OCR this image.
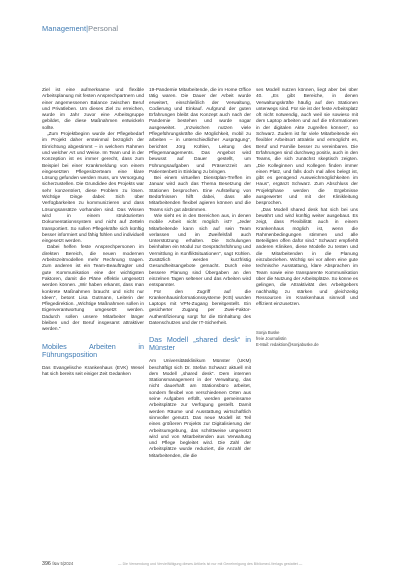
Management|Personal

Ziel ist eine aufmerksame und flexible Arbeitsplanung mit festen Ansprechpartnern und einer angemessenen Balance zwischen Beruf und Privatleben. Um dieses Ziel zu erreichen, wurde im Jahr zuvor eine Arbeitsgruppe gebildet, die diese Maßnahmen entwickeln sollte.

„Zum Projektbeginn wurde der Pflegebedarf im Projekt daher ersteinmal bezüglich der Einrichtung abgestimmt – in welchem Rahmen und welcher Art und Weise. Im Team und in der Konzeption ist es immer gerecht, dass zum Beispiel bei einer Krankmeldung von einem eingesetzten Pflegesitzerteam eine klare Lösung gefunden werden muss, um Versorgung sicherzustellen. Die Grundidee des Projekts war sehr konzentriert, diese Problem zu lösen. Wichtige Dinge dabei: Sich über Verfügbarkeiten zu kommunizieren und dass Lösungsansätze vorhanden sind. Das Wissen wird in einem strukturierten Dokumentationssystem und nicht auf Zetteln transportiert. So sollen Pflegekräfte sich künftig besser informiert und fähig fühlen und individuell eingesetzt werden.

Dabei helfen feste Ansprechpersonen im direkten Bereich, die neuen modernen Arbeitszeitmodellen mehr Rechnung tragen. Zum anderen ist ein Team-Beauftragter und gute Kommunikation eine der wichtigsten Faktoren, damit die Pläne effektiv umgesetzt werden können. „Wir haben erkannt, dass man konkrete Maßnahmen braucht und nicht nur Ideen“, betont Lisa Gutmann, Leiterin der Pflegedirektion. „Wichtige Maßnahmen sollen in Eigenverantwortung umgesetzt werden. Dadurch sollen unsere Mitarbeiter länger bleiben und der Beruf insgesamt attraktiver werden.“

Mobiles Arbeiten in Führungsposition

Das Evangelische Krankenhaus (EVK) Wesel hat sich bereits seit einiger Zeit Gedanken

19-Pandemie Mitarbeitende, die im Home Office tätig waren. Die Dauer der Arbeit wurde erweitert, einschließlich der Verwaltung, Codierung und Einkauf. Aufgrund der guten Erfahrungen bleibt das Konzept auch nach der Pandemie bestehen und wurde sogar ausgeweitet. „Inzwischen nutzen viele Pflegeführungskräfte die Möglichkeit, mobil zu arbeiten – in unterschiedlicher Ausprägung“, berichtet Jörg Kühlen, Leitung des Pflegemanagements. Das Angebot wird bewusst auf Dauer gestellt, um Führungsaufgaben und Präsenzzeit am Patientenbett in Einklang zu bringen.

Bei einem virtuellen Dienstplan-Treffen im Januar wird auch das Thema Besetzung der Stationen besprochen. Eine Aufstellung von Bedürfnissen hilft dabei, dass alle Mitarbeitenden flexibel agieren können und die Teams sich gut abstimmen.

Wie sieht es in den Bereichen aus, in denen mobile Arbeit nicht möglich ist? „Jeder Mitarbeitende kann sich auf sein Team verlassen und im Zweifelsfall auch Unterstützung erhalten. Die Schulungen beinhalten ein Modul zur Gesprächsführung und Vermittlung in Konfliktsituationen“, sagt Kühlen. Zusätzlich werden kurzfristig Gesundheitsangebote gemacht. Durch eine bessere Planung sind Übergaben an den einzelnen Tagen seltener und das Arbeiten wird entspannter.

Für den Zugriff auf die Krankenhausinformationssysteme (KIS) wurden Laptops mit VPN-Zugang bereitgestellt. Ein gesicherter Zugang per Zwei-Faktor-Authentifizierung sorgt für die Einhaltung des Datenschutzes und der IT-Sicherheit.

Das Modell „shared desk“ in Münster

Am Universitätsklinikum Münster (UKM) beschäftigt sich Dr. Stefan Schwarz aktuell mit dem Modell „shared desk“. Dem internen Stationsmanagement in der Verwaltung, das nicht dauerhaft am Stationsbüro arbeitet, sondern flexibel von verschiedenen Orten aus seine Aufgaben erfüllt, werden gemeinsame Arbeitsplätze zur Verfügung gestellt. Damit werden Räume und Ausstattung wirtschaftlich sinnvoller genutzt. Das neue Modell ist Teil eines größeren Projekts zur Digitalisierung der Arbeitsumgebung, das schrittweise umgesetzt wird und von Mitarbeitenden aus Verwaltung und Pflege begleitet wird. Die Zahl der Arbeitsplätze wurde reduziert, die Anzahl der Mitarbeitenden, die die

ses Modell nutzen können, liegt aber bei über 40. „Es gibt Bereiche, in denen Verwaltungskräfte häufig auf den Stationen unterwegs sind. Für sie ist der feste Arbeitsplatz oft nicht notwendig, auch weil sie sowieso mit dem Laptop arbeiten und auf die Informationen in der digitalen Akte zugreifen können“, so Schwarz. Zudem ist für viele Mitarbeitende ein flexibler Arbeitsort attraktiv und ermöglicht es, Beruf und Familie besser zu vereinbaren. Die Erfahrungen sind durchweg positiv, auch in den Teams, die sich zunächst skeptisch zeigten. „Die Kolleginnen und Kollegen finden immer einen Platz, und falls doch mal alles belegt ist, gibt es genügend Ausweichmöglichkeiten im Haus“, ergänzt Schwarz. Zum Abschluss der Projektphase werden die Ergebnisse ausgewertet und mit der Klinikleitung besprochen.

„Das Modell shared desk hat sich bei uns bewährt und wird künftig weiter ausgebaut. Es zeigt, dass Flexibilität auch in einem Krankenhaus möglich ist, wenn die Rahmenbedingungen stimmen und alle Beteiligten offen dafür sind.“ Schwarz empfiehlt anderen Kliniken, diese Modelle zu testen und die Mitarbeitenden in die Planung einzubeziehen. Wichtig sei vor allem eine gute technische Ausstattung, klare Absprachen im Team sowie eine transparente Kommunikation über die Nutzung der Arbeitsplätze. So könne es gelingen, die Attraktivität des Arbeitgebers nachhaltig zu stärken und gleichzeitig Ressourcen im Krankenhaus sinnvoll und effizient einzusetzen.

Sonja Buske
freie Journalistin
E-Mail: redaktion@sonjabuske.de
396 f&w 5|2024	— Die Verwendung und Vervielfältigung dieses Artikels ist nur mit Genehmigung des Bibliomed-Verlags gestattet —
